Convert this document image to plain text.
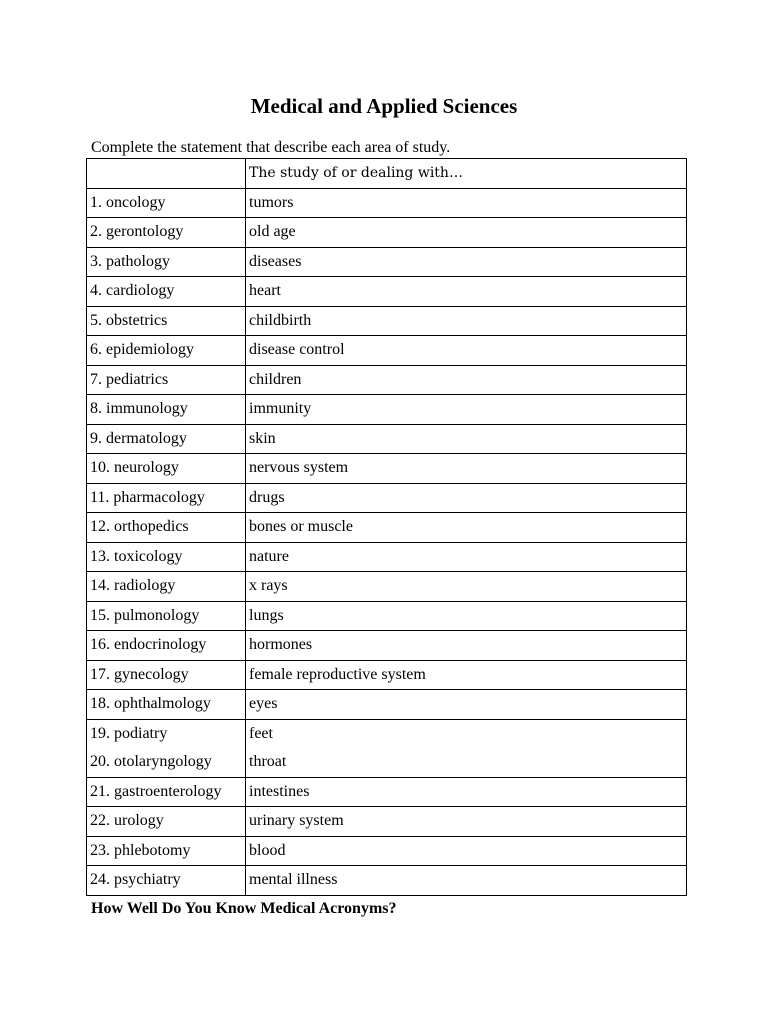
Medical and Applied Sciences
Complete the statement that describe each area of study.
	The study of or dealing with…
1. oncology	tumors
2. gerontology	old age
3. pathology	diseases
4. cardiology	heart
5. obstetrics	childbirth
6. epidemiology	disease control
7. pediatrics	children
8. immunology	immunity
9. dermatology	skin
10. neurology	nervous system
11. pharmacology	drugs
12. orthopedics	bones or muscle
13. toxicology	nature
14. radiology	x rays
15. pulmonology	lungs
16. endocrinology	hormones
17. gynecology	female reproductive system
18. ophthalmology	eyes
19. podiatry	feet
20. otolaryngology	throat
21. gastroenterology	intestines
22. urology	urinary system
23. phlebotomy	blood
24. psychiatry	mental illness
How Well Do You Know Medical Acronyms?
